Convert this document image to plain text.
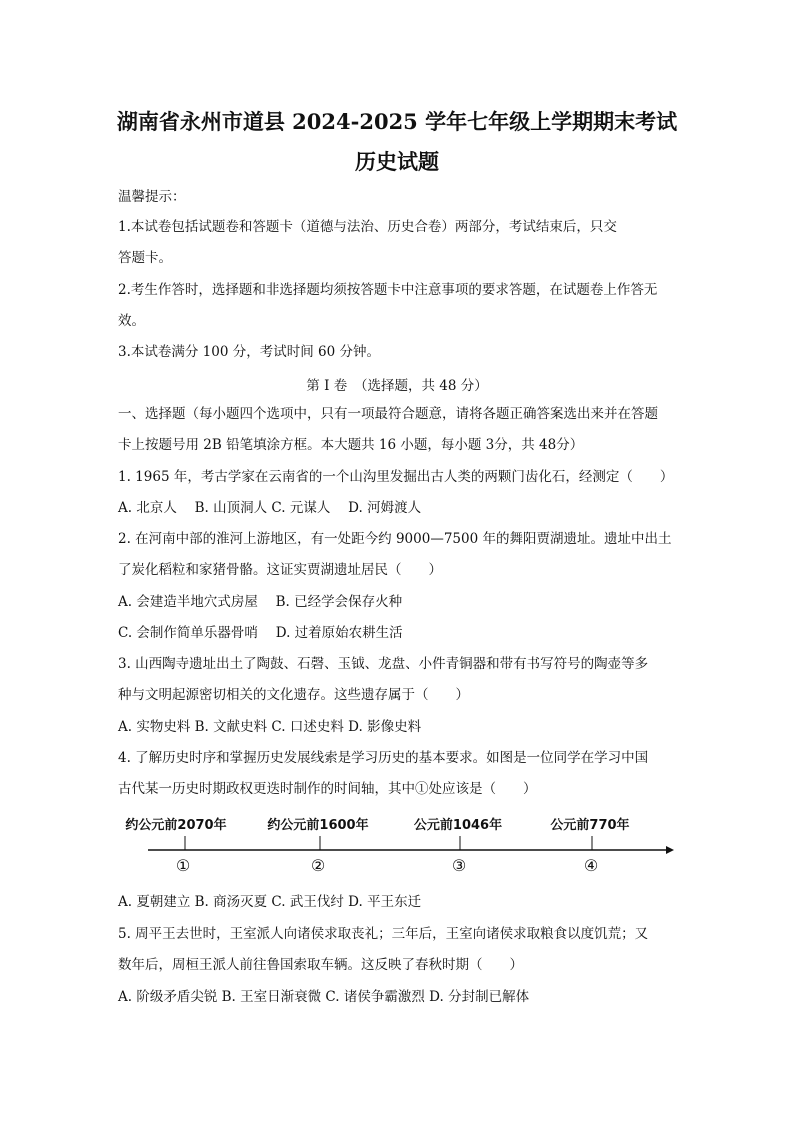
湖南省永州市道县 2024-2025 学年七年级上学期期末考试
历史试题
温馨提示：
1.本试卷包括试题卷和答题卡（道德与法治、历史合卷）两部分，考试结束后，只交
答题卡。
2.考生作答时，选择题和非选择题均须按答题卡中注意事项的要求答题，在试题卷上作答无
效。
3.本试卷满分 100 分，考试时间 60 分钟。
第 I 卷　（选择题，共 48 分）
一、选择题（每小题四个选项中，只有一项最符合题意，请将各题正确答案选出来并在答题
卡上按题号用 2B 铅笔填涂方框。本大题共 16 小题，每小题 3分，共 48分）
1. 1965 年，考古学家在云南省的一个山沟里发掘出古人类的两颗门齿化石，经测定（　　）
A. 北京人　 B. 山顶洞人 C. 元谋人　 D. 河姆渡人
2. 在河南中部的淮河上游地区，有一处距今约 9000—7500 年的舞阳贾湖遗址。遗址中出土
了炭化稻粒和家猪骨骼。这证实贾湖遗址居民（　　）
A. 会建造半地穴式房屋　 B. 已经学会保存火种
C. 会制作简单乐器骨哨　 D. 过着原始农耕生活
3. 山西陶寺遗址出土了陶鼓、石磬、玉钺、龙盘、小件青铜器和带有书写符号的陶壶等多
种与文明起源密切相关的文化遗存。这些遗存属于（　　）
A. 实物史料 B. 文献史料 C. 口述史料 D. 影像史料
4. 了解历史时序和掌握历史发展线索是学习历史的基本要求。如图是一位同学在学习中国
古代某一历史时期政权更迭时制作的时间轴，其中①处应该是（　　）
约公元前2070年	约公元前1600年	公元前1046年	公元前770年
①	②	③	④
A. 夏朝建立 B. 商汤灭夏 C. 武王伐纣 D. 平王东迁
5. 周平王去世时，王室派人向诸侯求取丧礼；三年后，王室向诸侯求取粮食以度饥荒；又
数年后，周桓王派人前往鲁国索取车辆。这反映了春秋时期（　　）
A. 阶级矛盾尖锐 B. 王室日渐衰微 C. 诸侯争霸激烈 D. 分封制已解体
